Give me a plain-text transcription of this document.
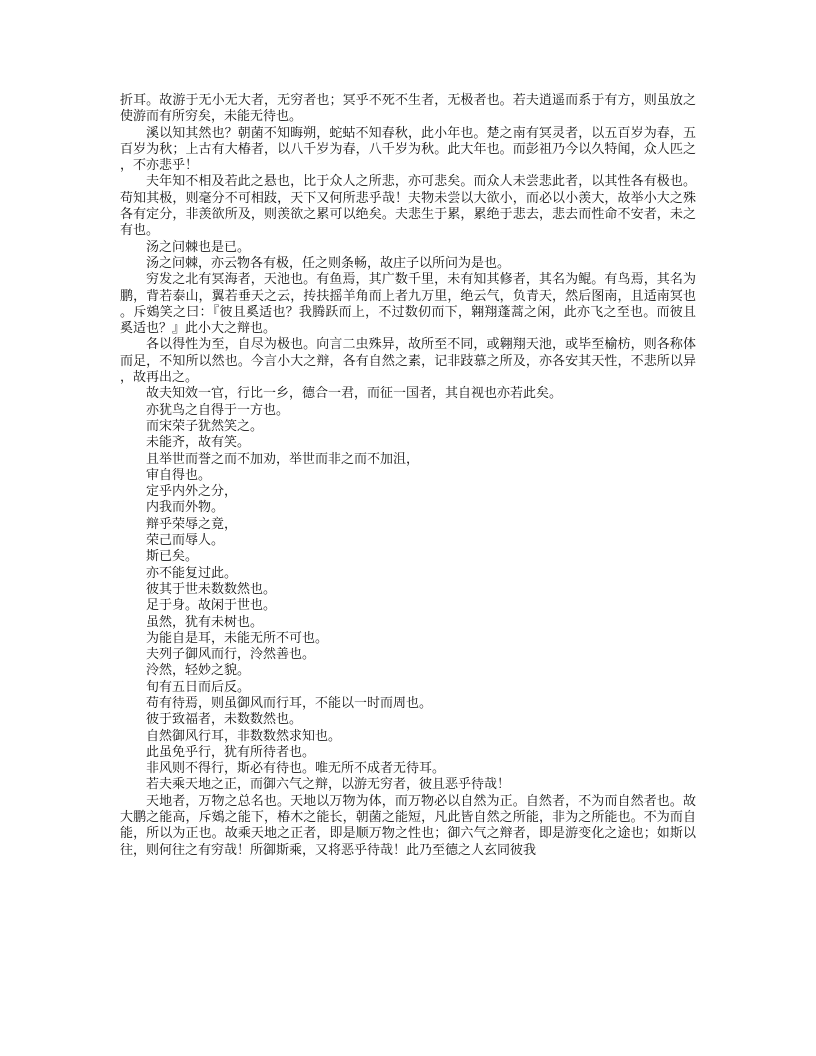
折耳。故游于无小无大者，无穷者也；冥乎不死不生者，无极者也。若夫逍遥而系于有方，则虽放之使游而有所穷矣，未能无待也。

溪以知其然也？朝菌不知晦朔，蛇蛄不知春秋，此小年也。楚之南有冥灵者，以五百岁为春，五百岁为秋；上古有大椿者，以八千岁为春，八千岁为秋。此大年也。而彭祖乃今以久特闻，众人匹之，不亦悲乎！

夫年知不相及若此之悬也，比于众人之所悲，亦可悲矣。而众人未尝悲此者，以其性各有极也。苟知其极，则毫分不可相跂，天下又何所悲乎哉！夫物未尝以大欲小，而必以小羡大，故举小大之殊各有定分，非羡欲所及，则羡欲之累可以绝矣。夫悲生于累，累绝于悲去，悲去而性命不安者，未之有也。

汤之问棘也是已。

汤之问棘，亦云物各有极，任之则条畅，故庄子以所问为是也。

穷发之北有冥海者，天池也。有鱼焉，其广数千里，未有知其修者，其名为鲲。有鸟焉，其名为鹏，背若泰山，翼若垂天之云，抟扶摇羊角而上者九万里，绝云气，负青天，然后图南，且适南冥也。斥鴳笑之曰：『彼且奚适也？我腾跃而上，不过数仞而下，翱翔蓬蒿之闲，此亦飞之至也。而彼且奚适也？』此小大之辩也。

各以得性为至，自尽为极也。向言二虫殊异，故所至不同，或翱翔天池，或毕至榆枋，则各称体而足，不知所以然也。今言小大之辩，各有自然之素，记非跂慕之所及，亦各安其天性，不悲所以异，故再出之。

故夫知效一官，行比一乡，德合一君，而征一国者，其自视也亦若此矣。

亦犹鸟之自得于一方也。

而宋荣子犹然笑之。

未能齐，故有笑。

且举世而誉之而不加劝，举世而非之而不加沮，

审自得也。

定乎内外之分，

内我而外物。

辩乎荣辱之竟，

荣己而辱人。

斯已矣。

亦不能复过此。

彼其于世未数数然也。

足于身。故闲于世也。

虽然，犹有未树也。

为能自是耳，未能无所不可也。

夫列子御风而行，泠然善也。

泠然，轻妙之貌。

旬有五日而后反。

苟有待焉，则虽御风而行耳，不能以一时而周也。

彼于致福者，未数数然也。

自然御风行耳，非数数然求知也。

此虽免乎行，犹有所待者也。

非风则不得行，斯必有待也。唯无所不成者无待耳。

若夫乘天地之正，而御六气之辩，以游无穷者，彼且恶乎待哉！

天地者，万物之总名也。天地以万物为体，而万物必以自然为正。自然者，不为而自然者也。故大鹏之能高，斥鴳之能下，椿木之能长，朝菌之能短，凡此皆自然之所能，非为之所能也。不为而自能，所以为正也。故乘天地之正者，即是顺万物之性也；御六气之辩者，即是游变化之途也；如斯以往，则何往之有穷哉！所御斯乘，又将恶乎待哉！此乃至德之人玄同彼我
